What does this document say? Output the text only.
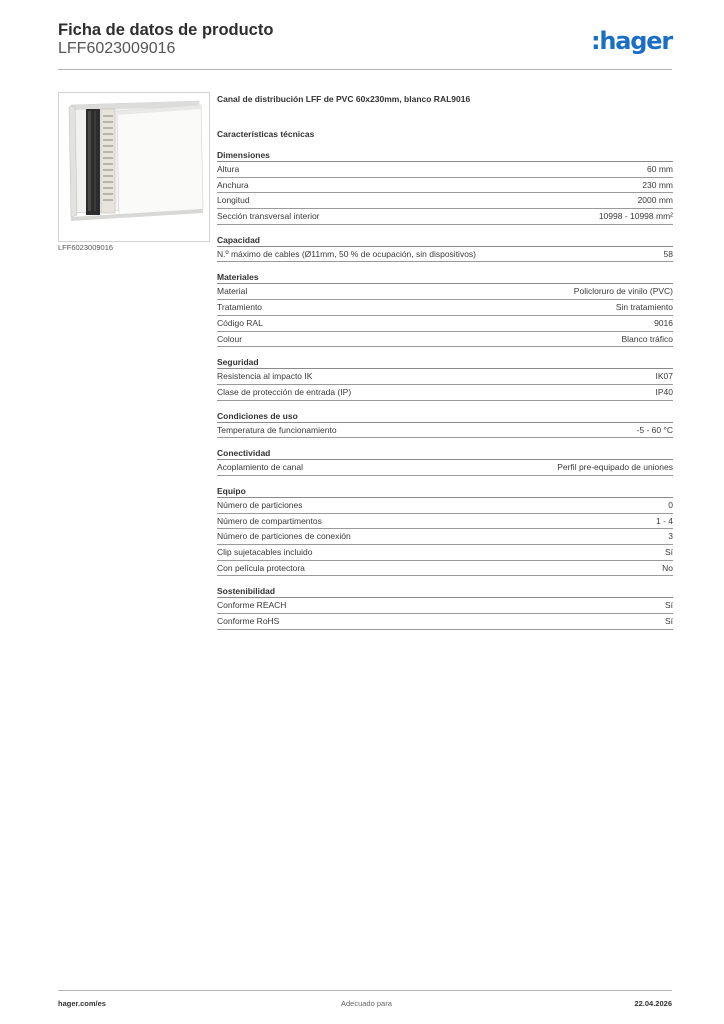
Ficha de datos de producto
LFF6023009016	:hager
LFF6023009016
Canal de distribución LFF de PVC 60x230mm, blanco RAL9016
Características técnicas
Dimensiones
Altura	60 mm
Anchura	230 mm
Longitud	2000 mm
Sección transversal interior	10998 - 10998 mm²
Capacidad
N.º máximo de cables (Ø11mm, 50 % de ocupación, sin dispositivos)	58
Materiales
Material	Policloruro de vinilo (PVC)
Tratamiento	Sin tratamiento
Código RAL	9016
Colour	Blanco tráfico
Seguridad
Resistencia al impacto IK	IK07
Clase de protección de entrada (IP)	IP40
Condiciones de uso
Temperatura de funcionamiento	-5 - 60 °C
Conectividad
Acoplamiento de canal	Perfil pre-equipado de uniones
Equipo
Número de particiones	0
Número de compartimentos	1 - 4
Número de particiones de conexión	3
Clip sujetacables incluido	Sí
Con película protectora	No
Sostenibilidad
Conforme REACH	Sí
Conforme RoHS	Sí
hager.com/es	Adecuado para	22.04.2026
